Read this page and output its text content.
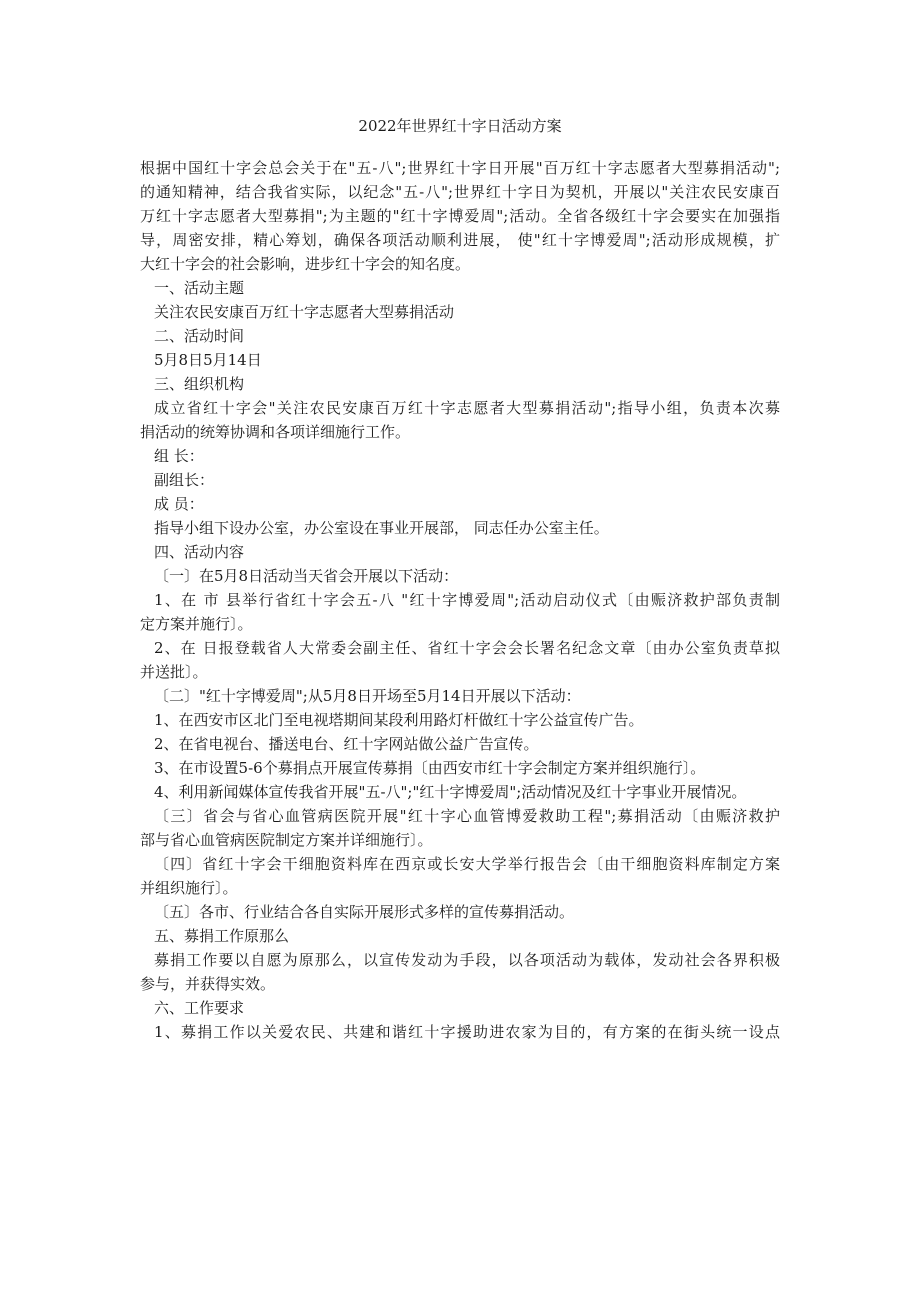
2022年世界红十字日活动方案
根据中国红十字会总会关于在"五-八";世界红十字日开展"百万红十字志愿者大型募捐活动";
的通知精神，结合我省实际，以纪念"五-八";世界红十字日为契机，开展以"关注农民安康百
万红十字志愿者大型募捐";为主题的"红十字博爱周";活动。全省各级红十字会要实在加强指
导，周密安排，精心筹划，确保各项活动顺利进展， 使"红十字博爱周";活动形成规模，扩
大红十字会的社会影响，进步红十字会的知名度。
一、活动主题
关注农民安康百万红十字志愿者大型募捐活动
二、活动时间
5月8日5月14日
三、组织机构
成立省红十字会"关注农民安康百万红十字志愿者大型募捐活动";指导小组，负责本次募
捐活动的统筹协调和各项详细施行工作。
组 长：
副组长：
成 员：
指导小组下设办公室，办公室设在事业开展部， 同志任办公室主任。
四、活动内容
〔一〕在5月8日活动当天省会开展以下活动：
1、在 市 县举行省红十字会五-八 "红十字博爱周";活动启动仪式〔由赈济救护部负责制
定方案并施行〕。
2、在 日报登载省人大常委会副主任、省红十字会会长署名纪念文章〔由办公室负责草拟
并送批〕。
〔二〕"红十字博爱周";从5月8日开场至5月14日开展以下活动：
1、在西安市区北门至电视塔期间某段利用路灯杆做红十字公益宣传广告。
2、在省电视台、播送电台、红十字网站做公益广告宣传。
3、在市设置5-6个募捐点开展宣传募捐〔由西安市红十字会制定方案并组织施行〕。
4、利用新闻媒体宣传我省开展"五-八";"红十字博爱周";活动情况及红十字事业开展情况。
〔三〕省会与省心血管病医院开展"红十字心血管博爱救助工程";募捐活动〔由赈济救护
部与省心血管病医院制定方案并详细施行〕。
〔四〕省红十字会干细胞资料库在西京或长安大学举行报告会〔由干细胞资料库制定方案
并组织施行〕。
〔五〕各市、行业结合各自实际开展形式多样的宣传募捐活动。
五、募捐工作原那么
募捐工作要以自愿为原那么，以宣传发动为手段，以各项活动为载体，发动社会各界积极
参与，并获得实效。
六、工作要求
1、募捐工作以关爱农民、共建和谐红十字援助进农家为目的，有方案的在街头统一设点
